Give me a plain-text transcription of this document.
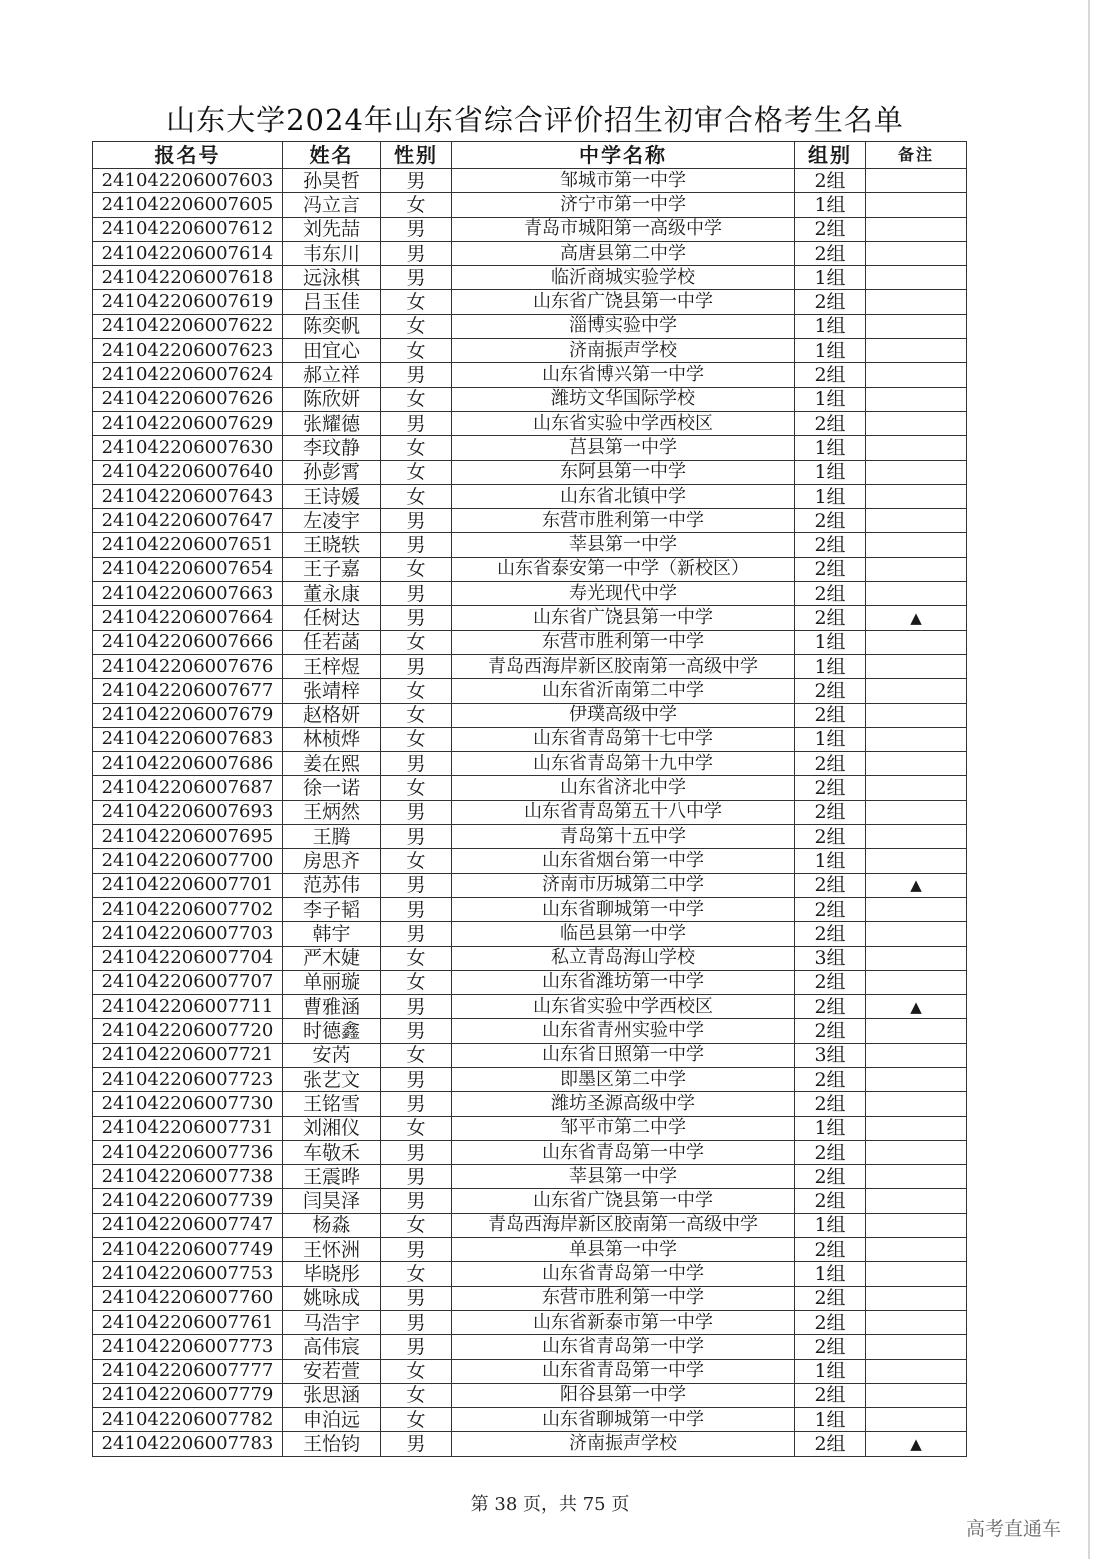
山东大学2024年山东省综合评价招生初审合格考生名单
报名号	姓名	性别	中学名称	组别	备注
241042206007603	孙昊哲	男	邹城市第一中学	2组	
241042206007605	冯立言	女	济宁市第一中学	1组	
241042206007612	刘先喆	男	青岛市城阳第一高级中学	2组	
241042206007614	韦东川	男	高唐县第二中学	2组	
241042206007618	远泳棋	男	临沂商城实验学校	1组	
241042206007619	吕玉佳	女	山东省广饶县第一中学	2组	
241042206007622	陈奕帆	女	淄博实验中学	1组	
241042206007623	田宜心	女	济南振声学校	1组	
241042206007624	郝立祥	男	山东省博兴第一中学	2组	
241042206007626	陈欣妍	女	潍坊文华国际学校	1组	
241042206007629	张耀德	男	山东省实验中学西校区	2组	
241042206007630	李玟静	女	莒县第一中学	1组	
241042206007640	孙彭霄	女	东阿县第一中学	1组	
241042206007643	王诗媛	女	山东省北镇中学	1组	
241042206007647	左凌宇	男	东营市胜利第一中学	2组	
241042206007651	王晓轶	男	莘县第一中学	2组	
241042206007654	王子嘉	女	山东省泰安第一中学（新校区）	2组	
241042206007663	董永康	男	寿光现代中学	2组	
241042206007664	任树达	男	山东省广饶县第一中学	2组	▲
241042206007666	任若菡	女	东营市胜利第一中学	1组	
241042206007676	王梓煜	男	青岛西海岸新区胶南第一高级中学	1组	
241042206007677	张靖梓	女	山东省沂南第二中学	2组	
241042206007679	赵格妍	女	伊璞高级中学	2组	
241042206007683	林桢烨	女	山东省青岛第十七中学	1组	
241042206007686	姜在熙	男	山东省青岛第十九中学	2组	
241042206007687	徐一诺	女	山东省济北中学	2组	
241042206007693	王炳然	男	山东省青岛第五十八中学	2组	
241042206007695	王腾	男	青岛第十五中学	2组	
241042206007700	房思齐	女	山东省烟台第一中学	1组	
241042206007701	范苏伟	男	济南市历城第二中学	2组	▲
241042206007702	李子韬	男	山东省聊城第一中学	2组	
241042206007703	韩宇	男	临邑县第一中学	2组	
241042206007704	严木婕	女	私立青岛海山学校	3组	
241042206007707	单丽璇	女	山东省潍坊第一中学	2组	
241042206007711	曹雅涵	男	山东省实验中学西校区	2组	▲
241042206007720	时德鑫	男	山东省青州实验中学	2组	
241042206007721	安芮	女	山东省日照第一中学	3组	
241042206007723	张艺文	男	即墨区第二中学	2组	
241042206007730	王铭雪	男	潍坊圣源高级中学	2组	
241042206007731	刘湘仪	女	邹平市第二中学	1组	
241042206007736	车敬禾	男	山东省青岛第一中学	2组	
241042206007738	王震晔	男	莘县第一中学	2组	
241042206007739	闫昊泽	男	山东省广饶县第一中学	2组	
241042206007747	杨淼	女	青岛西海岸新区胶南第一高级中学	1组	
241042206007749	王怀洲	男	单县第一中学	2组	
241042206007753	毕晓彤	女	山东省青岛第一中学	1组	
241042206007760	姚咏成	男	东营市胜利第一中学	2组	
241042206007761	马浩宇	男	山东省新泰市第一中学	2组	
241042206007773	高伟宸	男	山东省青岛第一中学	2组	
241042206007777	安若萱	女	山东省青岛第一中学	1组	
241042206007779	张思涵	女	阳谷县第一中学	2组	
241042206007782	申泊远	女	山东省聊城第一中学	1组	
241042206007783	王怡钧	男	济南振声学校	2组	▲
第 38 页，共 75 页
高考直通车
